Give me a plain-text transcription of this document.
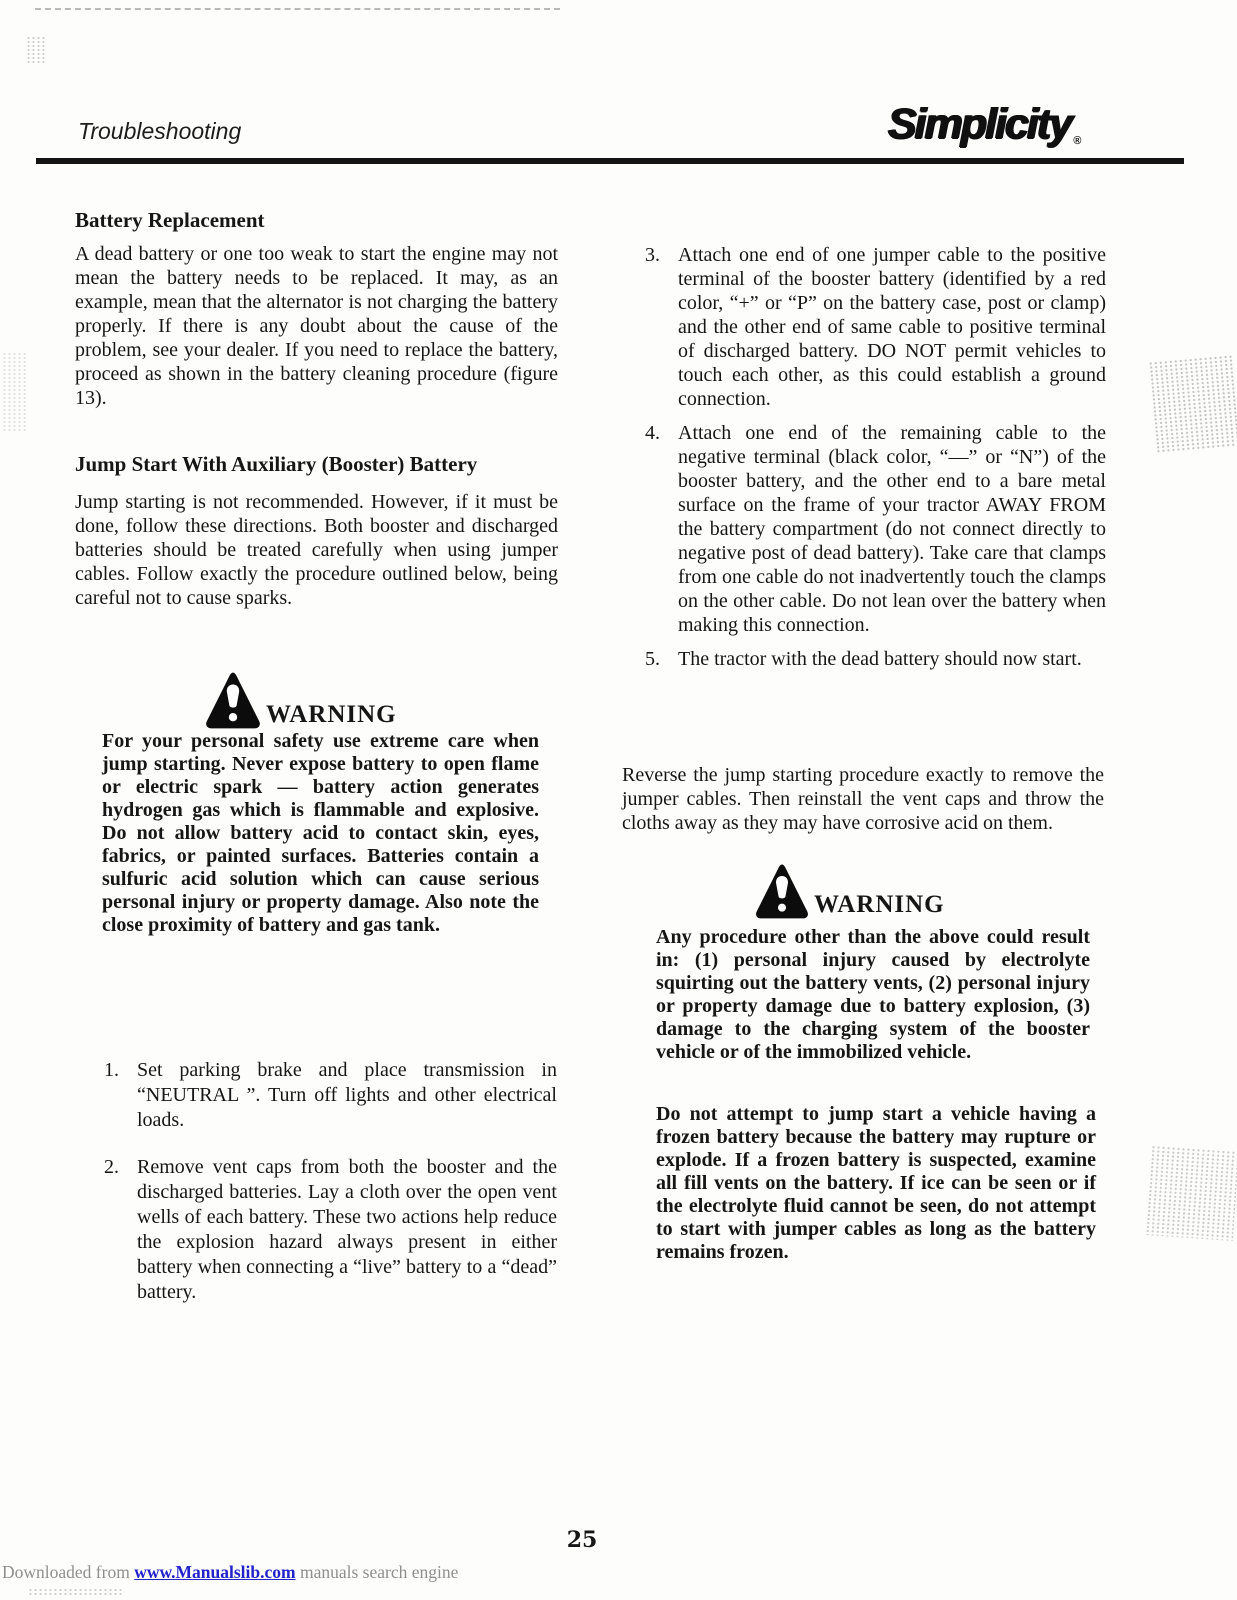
Troubleshooting	Simplicity ®
Battery Replacement
A dead battery or one too weak to start the engine may not mean the battery needs to be replaced. It may, as an example, mean that the alternator is not charging the battery properly. If there is any doubt about the cause of the problem, see your dealer. If you need to replace the battery, proceed as shown in the battery cleaning procedure (figure 13).
Jump Start With Auxiliary (Booster) Battery
Jump starting is not recommended. However, if it must be done, follow these directions. Both booster and discharged batteries should be treated carefully when using jumper cables. Follow exactly the procedure outlined below, being careful not to cause sparks.
WARNING
For your personal safety use extreme care when jump starting. Never expose battery to open flame or electric spark — battery action generates hydrogen gas which is flammable and explosive. Do not allow battery acid to contact skin, eyes, fabrics, or painted surfaces. Batteries contain a sulfuric acid solution which can cause serious personal injury or property damage. Also note the close proximity of battery and gas tank.
1. Set parking brake and place transmission in “NEUTRAL ”. Turn off lights and other electrical loads.
2. Remove vent caps from both the booster and the discharged batteries. Lay a cloth over the open vent wells of each battery. These two actions help reduce the explosion hazard always present in either battery when connecting a “live” battery to a “dead” battery.
3. Attach one end of one jumper cable to the positive terminal of the booster battery (identified by a red color, “+” or “P” on the battery case, post or clamp) and the other end of same cable to positive terminal of discharged battery. DO NOT permit vehicles to touch each other, as this could establish a ground connection.
4. Attach one end of the remaining cable to the negative terminal (black color, “—” or “N”) of the booster battery, and the other end to a bare metal surface on the frame of your tractor AWAY FROM the battery compartment (do not connect directly to negative post of dead battery). Take care that clamps from one cable do not inadvertently touch the clamps on the other cable. Do not lean over the battery when making this connection.
5. The tractor with the dead battery should now start.
Reverse the jump starting procedure exactly to remove the jumper cables. Then reinstall the vent caps and throw the cloths away as they may have corrosive acid on them.
WARNING
Any procedure other than the above could result in: (1) personal injury caused by electrolyte squirting out the battery vents, (2) personal injury or property damage due to battery explosion, (3) damage to the charging system of the booster vehicle or of the immobilized vehicle.
Do not attempt to jump start a vehicle having a frozen battery because the battery may rupture or explode. If a frozen battery is suspected, examine all fill vents on the battery. If ice can be seen or if the electrolyte fluid cannot be seen, do not attempt to start with jumper cables as long as the battery remains frozen.
25
Downloaded from www.Manualslib.com manuals search engine
